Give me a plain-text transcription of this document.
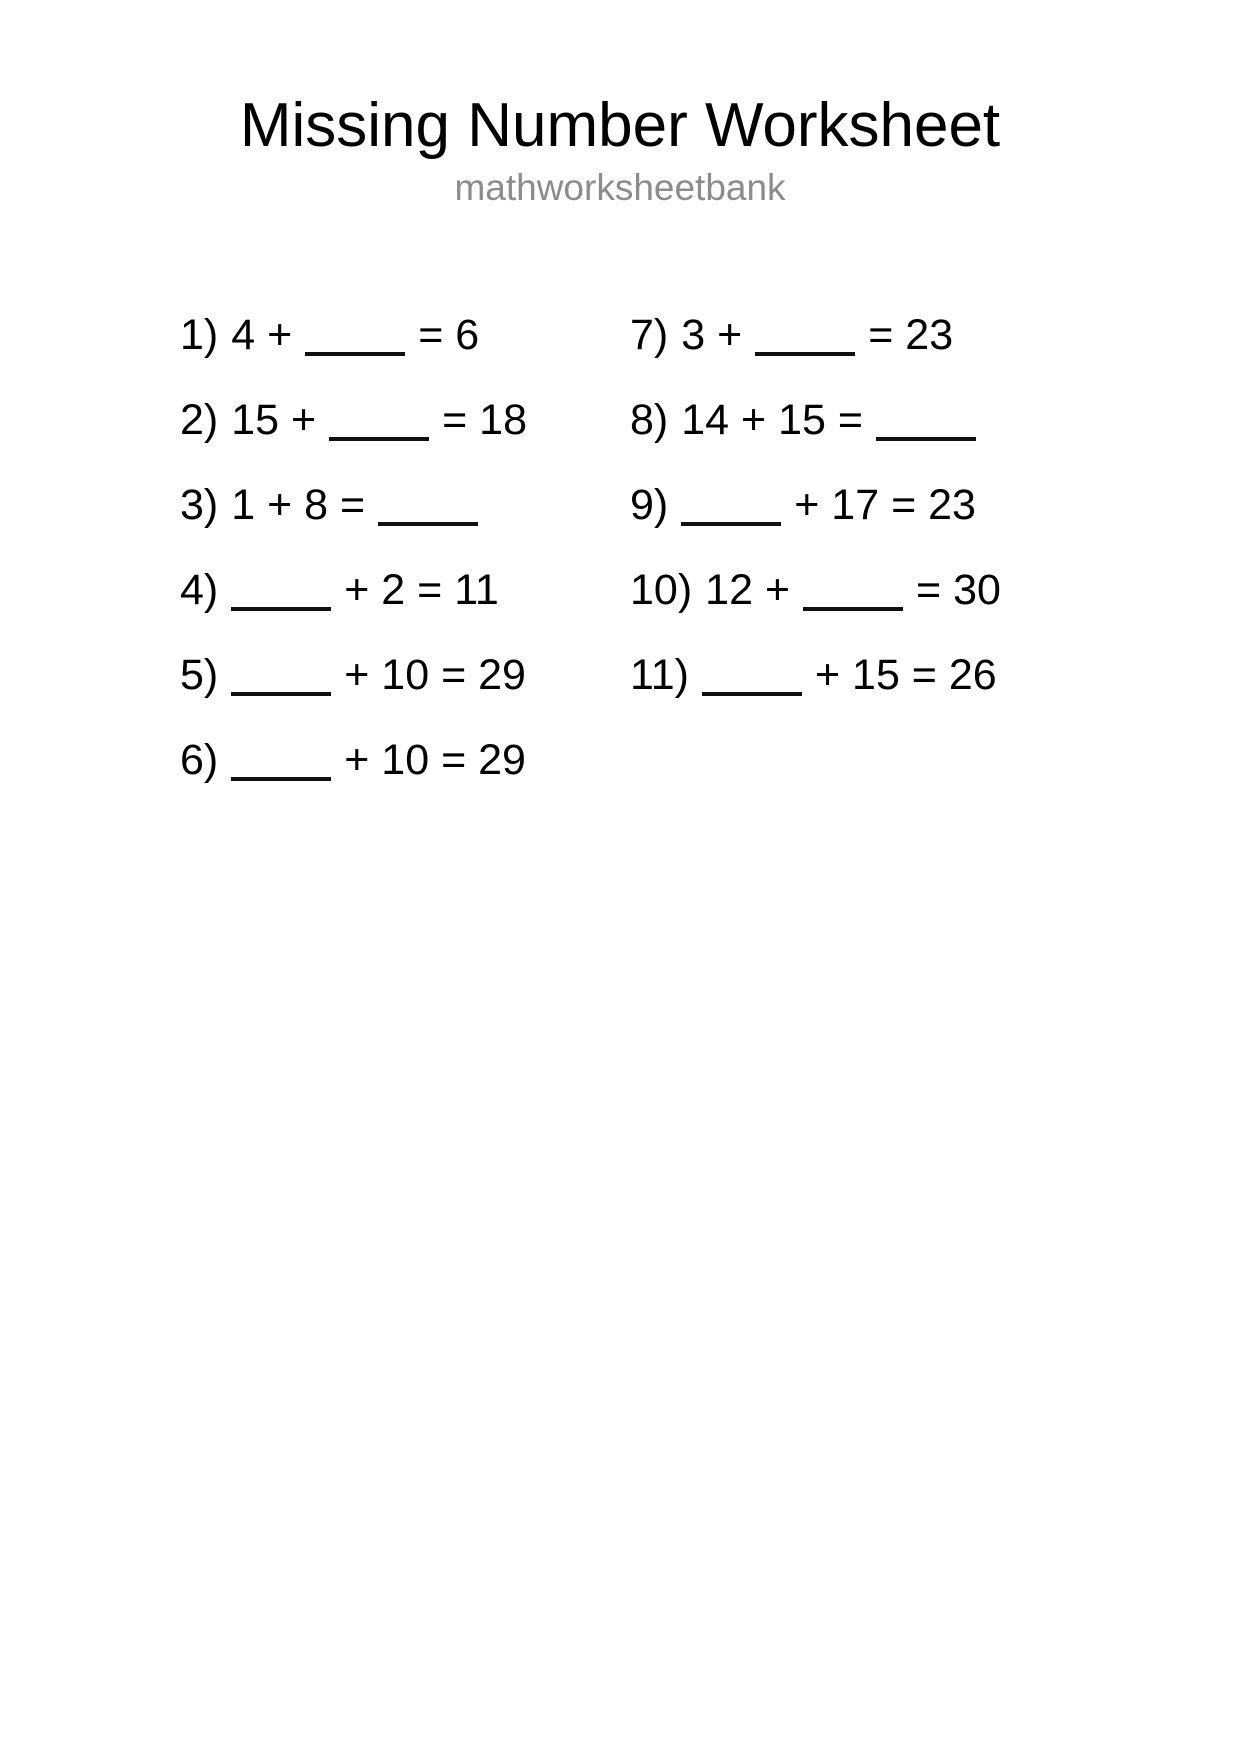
Missing Number Worksheet
mathworksheetbank
1) 4 +	= 6
2) 15 +	= 18
3) 1 + 8 =
4)	+ 2 = 11
5)	+ 10 = 29
6)	+ 10 = 29
7) 3 +	= 23
8) 14 + 15 =
9)	+ 17 = 23
10) 12 +	= 30
11)	+ 15 = 26
